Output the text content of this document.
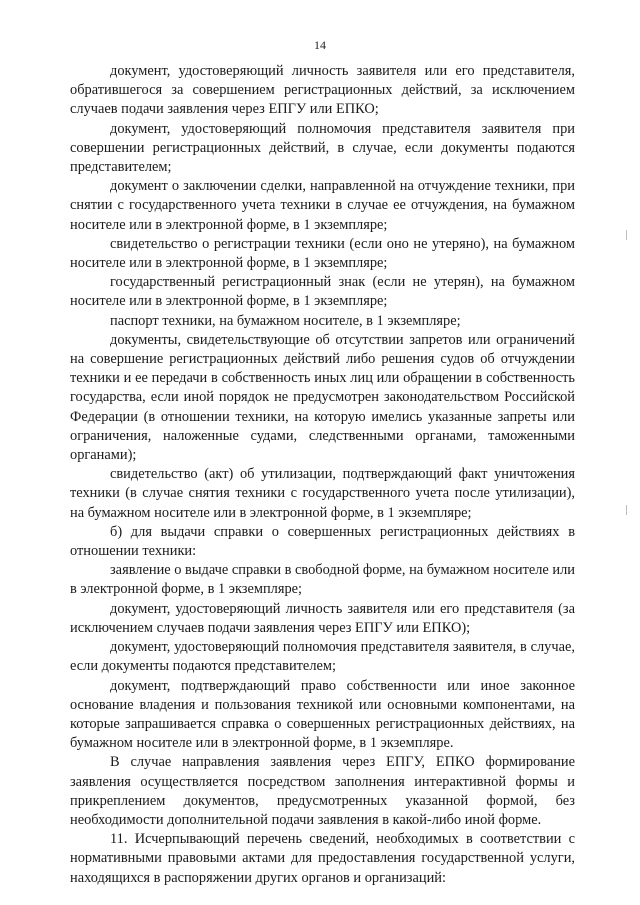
14

документ, удостоверяющий личность заявителя или его представителя, обратившегося за совершением регистрационных действий, за исключением случаев подачи заявления через ЕПГУ или ЕПКО;

документ, удостоверяющий полномочия представителя заявителя при совершении регистрационных действий, в случае, если документы подаются представителем;

документ о заключении сделки, направленной на отчуждение техники, при снятии с государственного учета техники в случае ее отчуждения, на бумажном носителе или в электронной форме, в 1 экземпляре;

свидетельство о регистрации техники (если оно не утеряно), на бумажном носителе или в электронной форме, в 1 экземпляре;

государственный регистрационный знак (если не утерян), на бумажном носителе или в электронной форме, в 1 экземпляре;

паспорт техники, на бумажном носителе, в 1 экземпляре;

документы, свидетельствующие об отсутствии запретов или ограничений на совершение регистрационных действий либо решения судов об отчуждении техники и ее передачи в собственность иных лиц или обращении в собственность государства, если иной порядок не предусмотрен законодательством Российской Федерации (в отношении техники, на которую имелись указанные запреты или ограничения, наложенные судами, следственными органами, таможенными органами);

свидетельство (акт) об утилизации, подтверждающий факт уничтожения техники (в случае снятия техники с государственного учета после утилизации), на бумажном носителе или в электронной форме, в 1 экземпляре;

б) для выдачи справки о совершенных регистрационных действиях в отношении техники:

заявление о выдаче справки в свободной форме, на бумажном носителе или в электронной форме, в 1 экземпляре;

документ, удостоверяющий личность заявителя или его представителя (за исключением случаев подачи заявления через ЕПГУ или ЕПКО);

документ, удостоверяющий полномочия представителя заявителя, в случае, если документы подаются представителем;

документ, подтверждающий право собственности или иное законное основание владения и пользования техникой или основными компонентами, на которые запрашивается справка о совершенных регистрационных действиях, на бумажном носителе или в электронной форме, в 1 экземпляре.

В случае направления заявления через ЕПГУ, ЕПКО формирование заявления осуществляется посредством заполнения интерактивной формы и прикреплением документов, предусмотренных указанной формой, без необходимости дополнительной подачи заявления в какой-либо иной форме.

11. Исчерпывающий перечень сведений, необходимых в соответствии с нормативными правовыми актами для предоставления государственной услуги, находящихся в распоряжении других органов и организаций:
